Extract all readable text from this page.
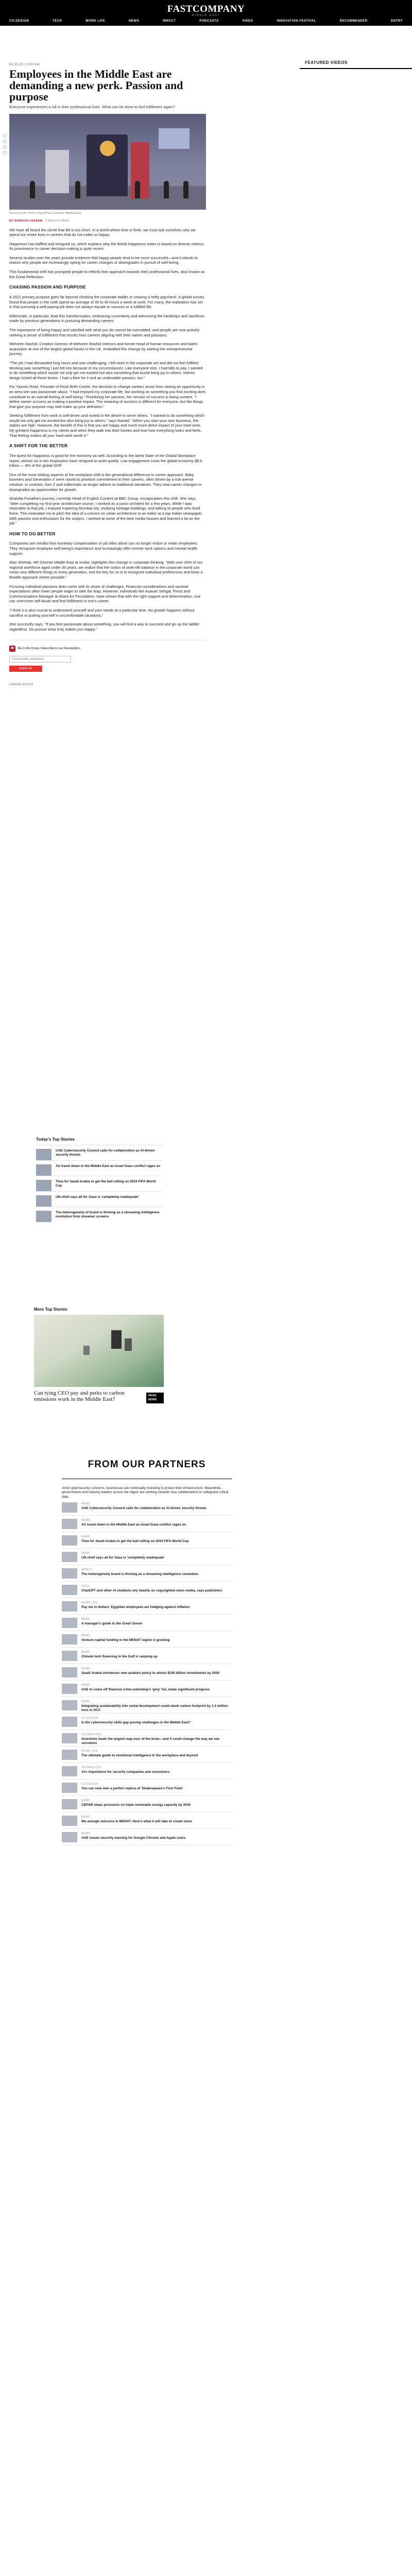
FASTCOMPANY
MIDDLE EAST
CO.DESIGN	TECH	WORK LIFE	NEWS	IMPACT	PODCASTS	VIDEO	INNOVATION FESTIVAL	RECOMMENDER	ENTRY
04.05.23 | 9:00 AM
Employees in the Middle East are demanding a new perk. Passion and purpose
Everyone experiences a lull in their professional lives. What can be done to find fulfillment again?
[Source photo: Amine Sayed/Fast Company Middle East]
BY MAMOUN HAKEEM · 4 MINUTE READ

We have all heard the cliché that life is too short. In a world where time is finite, we must ask ourselves why we spend our entire lives in careers that do not make us happy.

Happiness has baffled and intrigued us, which explains why the World Happiness Index is based on diverse metrics. Its prominence in career decision-making is quite recent.

Several studies over the years provide evidence that happy people tend to be more successful—and it stands to reason why people are increasingly opting for career changes or downgrades in pursuit of well-being.

This fundamental shift has prompted people to rethink their approach towards their professional lives, also known as the Great Reflection.

CHASING PASSION AND PURPOSE

A 2021 primary purpose goes far beyond climbing the corporate ladder or chasing a hefty paycheck. A global survey found that people in the UAE spend an average of 35 to 40 hours a week at work. For many, the realization has set in that pursuing a well-paying job does not always equate to success or a fulfilled life.

Millennials, in particular, lead this transformation, embracing uncertainty and witnessing the hardships and sacrifices made by previous generations in pursuing demanding careers.

The importance of being happy and satisfied with what you do cannot be overstated, and people are now actively seeking a sense of fulfillment that results from careers aligning with their values and passions.

Mehreen Rashid, Creative Director of Mehreen Rashid Interiors and former head of human resources and talent acquisition at one of the largest global banks in the UK, embodied this change by starting her entrepreneurial journey.

"The job I had demanded long hours and was challenging. I left work in the corporate set and did not feel fulfilled. Working was something I just fell into because of my circumstances. Like everyone else, I had bills to pay. I wanted to do something which would not only get me excited but also something that would bring joy to others. Interior design ticked all those boxes. I had a flare for it and an undeniable passion, too."

For Yasmin Rose, Founder of Rose Birth Centre, the decision to change careers arose from seeing an opportunity in an area she was passionate about. "I had enjoyed my corporate life, but working on something you find exciting does contribute to an overall feeling of well-being." Prioritizing her passion, her version of success is being content. "I define career success as making a positive impact. The meaning of success is different for everyone, but the things that give you purpose may well make up your definition."

Seeking fulfillment from work is self-driven and rooted in the desire to serve others. "I wanted to do something which would not only get me excited but also bring joy to others," says Rashid. "When you start your own business, the stakes are high. However, the benefit of this is that you are happy and much more direct impact of your hard work. My greatest happiness is my clients and when they walk into their homes and love how everything looks and feels. That feeling makes all your hard work worth it."

A SHIFT FOR THE BETTER

The quest for happiness is good for the economy as well. According to the latest State of the Global Workplace report, almost six in ten employees have resigned to quiet quietly. Low engagement costs the global economy $8.8 trillion — 9% of the global GDP.

One of the most striking aspects of the workplace shift is the generational difference in career approach. Baby boomers and Generation X were raised to prioritize commitment to their careers, often driven by a risk-averse mindset. In contrast, Gen Z and millennials no longer adhere to traditional narratives. They view career changes or downgrades as opportunities for growth.

Shahdia Punatha's journey, currently Head of English Content at BBC Group, encapsulates this shift. She says, "After completing my first-year architecture course, I worked as a junior architect for a few years. While I was miserable at that job, I enjoyed exploring Mumbai city, studying heritage buildings, and talking to people who lived there. This motivated me to pitch the idea of a column on urban architecture to an editor at a top Indian newspaper. With passion and enthusiasm for the subject, I worked at some of the best media houses and learned a lot on the job."

HOW TO DO BETTER

Companies are mindful that monetary compensation or job titles alone can no longer entice or retain employees. They recognize employee well-being's importance and increasingly offer remote work options and mental health support.

Alan Shehab, HR Director Middle East at Invibe, highlights this change in corporate thinking. "With over 20% of our regional workforce aged under 30 years, we realize that the notion of work-life balance in the corporate world can mean very different things to every generation, and the key for us is to recognize individual preferences and keep a flexible approach where possible."

Pursuing individual passions does come with its share of challenges. Financial considerations and societal expectations often lower people eager to take the leap. However, individuals like Asavari Sehgal, Press and Communications Manager at Atlant Art Foundation, have shown that with the right support and determination, one can overcome self-doubt and find fulfillment in one's career.

"I think it is also crucial to understand yourself and your needs at a particular time. No growth happens without sacrifice or putting yourself in uncomfortable situations."

She succinctly says, "If you feel passionate about something, you will find a way to succeed and go up the ladder regardless. Do pursue what truly makes you happy."

✉	Be In the Know. Subscribe to our Newsletters.
YOUR EMAIL ADDRESS
SIGN UP
CAREER ADVICE
FEATURED VIDEOS
Today's Top Stories
UAE Cybersecurity Council calls for collaboration as AI-driven security threats
Air travel down in the Middle East as Israel-Gaza conflict rages on
Time for Saudi Arabia to get the ball rolling on 2034 FIFA World Cup
UN chief says all for Gaza is 'completely inadequate'
The heterogeneity of brand is thriving as a streaming intelligence revolution from streamer screens
More Top Stories
Can tying CEO pay and perks to carbon emissions work in the Middle East?
READ MORE
FROM OUR PARTNERS
Amid cybersecurity concerns, businesses are continually investing to protect their infrastructure. Meanwhile, governments and industry leaders across the region are working towards new collaborations to safeguard critical data.
NEWS
UAE Cybersecurity Council calls for collaboration as AI-driven security threats
NEWS
Air travel down in the Middle East as Israel-Gaza conflict rages on
NEWS
Time for Saudi Arabia to get the ball rolling on 2034 FIFA World Cup
NEWS
UN chief says all for Gaza is 'completely inadequate'
IMPACT
The heterogeneity brand is thriving as a streaming intelligence revolution
TECH
ChatGPT and other AI chatbots rely heavily on copyrighted news media, says publishers
WORK LIFE
Pay me in dollars: Egyptian employees are hedging against inflation
NEWS
A manager's guide to the Great Gloom
NEWS
Venture capital funding in the MENAT region is growing
NEWS
Climate tech financing in the Gulf is ramping up
NEWS
Saudi Arabia introduces new aviation policy to attract $100 billion investments by 2030
NEWS
UAE to come off financial crime watchdog's 'grey' list, make significant progress
NEWS
Integrating sustainability into rental development could slash carbon footprint by 1.3 million tons in GCC
CO.DESIGN
Is the cybersecurity skills gap posing challenges in the Middle East?
TECHNOLOGY
Scientists made the largest map ever of the brain—and it could change the way we see ourselves
WORK LIFE
The ultimate guide to emotional intelligence in the workplace and beyond
TECHNOLOGY
AI's importance for security companies and consumers
CO.DESIGN
You can now own a perfect replica of 'Shakespeare's First Folio'
NEWS
CEPSR stops pressures on triple renewable energy capacity by 2030
NEWS
We enough unicorns in MENAT. Here's what it will take to create more
NEWS
UAE issues security warning for Google Chrome and Apple users
